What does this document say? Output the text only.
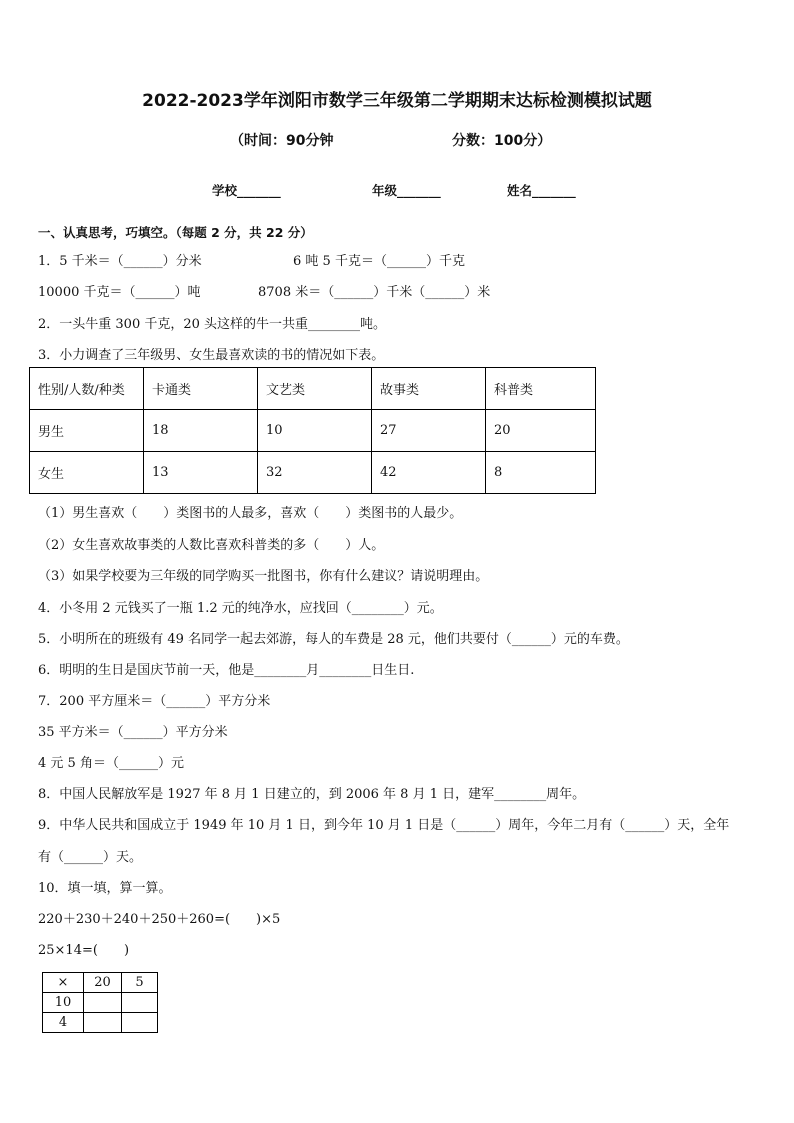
2022-2023学年浏阳市数学三年级第二学期期末达标检测模拟试题
（时间：90分钟	分数：100分）
学校_______	年级_______	姓名_______
一、认真思考，巧填空。（每题 2 分，共 22 分）
1．5 千米＝（______）分米	6 吨 5 千克＝（______）千克
10000 千克＝（______）吨	8708 米＝（______）千米（______）米
2．一头牛重 300 千克，20 头这样的牛一共重________吨。
3．小力调查了三年级男、女生最喜欢读的书的情况如下表。
性别/人数/种类	卡通类	文艺类	故事类	科普类
男生	18	10	27	20
女生	13	32	42	8
（1）男生喜欢（　　）类图书的人最多，喜欢（　　）类图书的人最少。
（2）女生喜欢故事类的人数比喜欢科普类的多（　　）人。
（3）如果学校要为三年级的同学购买一批图书，你有什么建议？请说明理由。
4．小冬用 2 元钱买了一瓶 1.2 元的纯净水，应找回（________）元。
5．小明所在的班级有 49 名同学一起去郊游，每人的车费是 28 元，他们共要付（______）元的车费。
6．明明的生日是国庆节前一天，他是________月________日生日.
7．200 平方厘米＝（______）平方分米
35 平方米＝（______）平方分米
4 元 5 角＝（______）元
8．中国人民解放军是 1927 年 8 月 1 日建立的，到 2006 年 8 月 1 日，建军________周年。
9．中华人民共和国成立于 1949 年 10 月 1 日，到今年 10 月 1 日是（______）周年，今年二月有（______）天，全年
有（______）天。
10．填一填，算一算。
220＋230＋240＋250＋260=(　　)×5
25×14=(　　)
×	20	5
10		
4		
